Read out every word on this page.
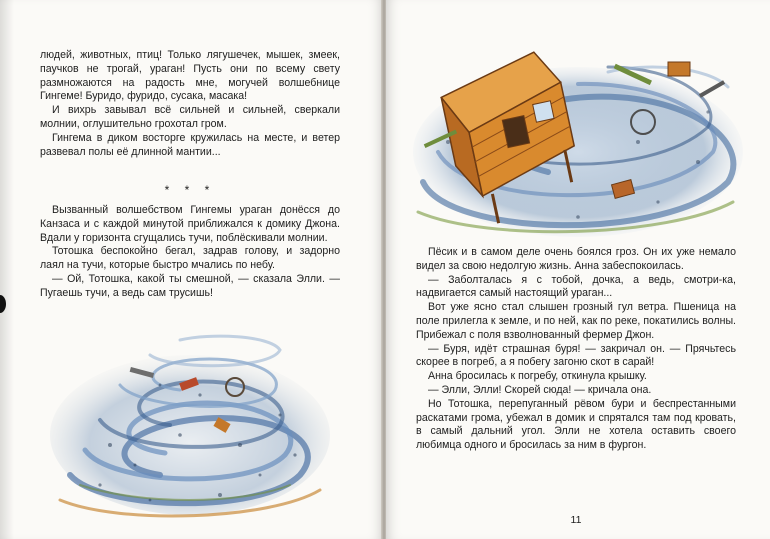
людей, животных, птиц! Только лягушечек, мышек, змеек, паучков не трогай, ураган! Пусть они по всему свету размножаются на радость мне, могучей волшебнице Гингеме! Буридо, фуридо, сусака, масака!

И вихрь завывал всё сильней и сильней, сверкали молнии, оглушительно грохотал гром.

Гингема в диком восторге кружилась на месте, и ветер развевал полы её длинной мантии...

* * *

Вызванный волшебством Гингемы ураган донёсся до Канзаса и с каждой минутой приближался к домику Джона. Вдали у горизонта сгущались тучи, поблёскивали молнии.

Тотошка беспокойно бегал, задрав голову, и задорно лаял на тучи, которые быстро мчались по небу.

— Ой, Тотошка, какой ты смешной, — сказала Элли. — Пугаешь тучи, а ведь сам трусишь!

Пёсик и в самом деле очень боялся гроз. Он их уже немало видел за свою недолгую жизнь. Анна забеспокоилась.

— Заболталась я с тобой, дочка, а ведь, смотри-ка, надвигается самый настоящий ураган...

Вот уже ясно стал слышен грозный гул ветра. Пшеница на поле прилегла к земле, и по ней, как по реке, покатились волны. Прибежал с поля взволнованный фермер Джон.

— Буря, идёт страшная буря! — закричал он. — Прячьтесь скорее в погреб, а я побегу загоню скот в сарай!

Анна бросилась к погребу, откинула крышку.

— Элли, Элли! Скорей сюда! — кричала она.

Но Тотошка, перепуганный рёвом бури и беспрестанными раскатами грома, убежал в домик и спрятался там под кровать, в самый дальний угол. Элли не хотела оставить своего любимца одного и бросилась за ним в фургон.

11
